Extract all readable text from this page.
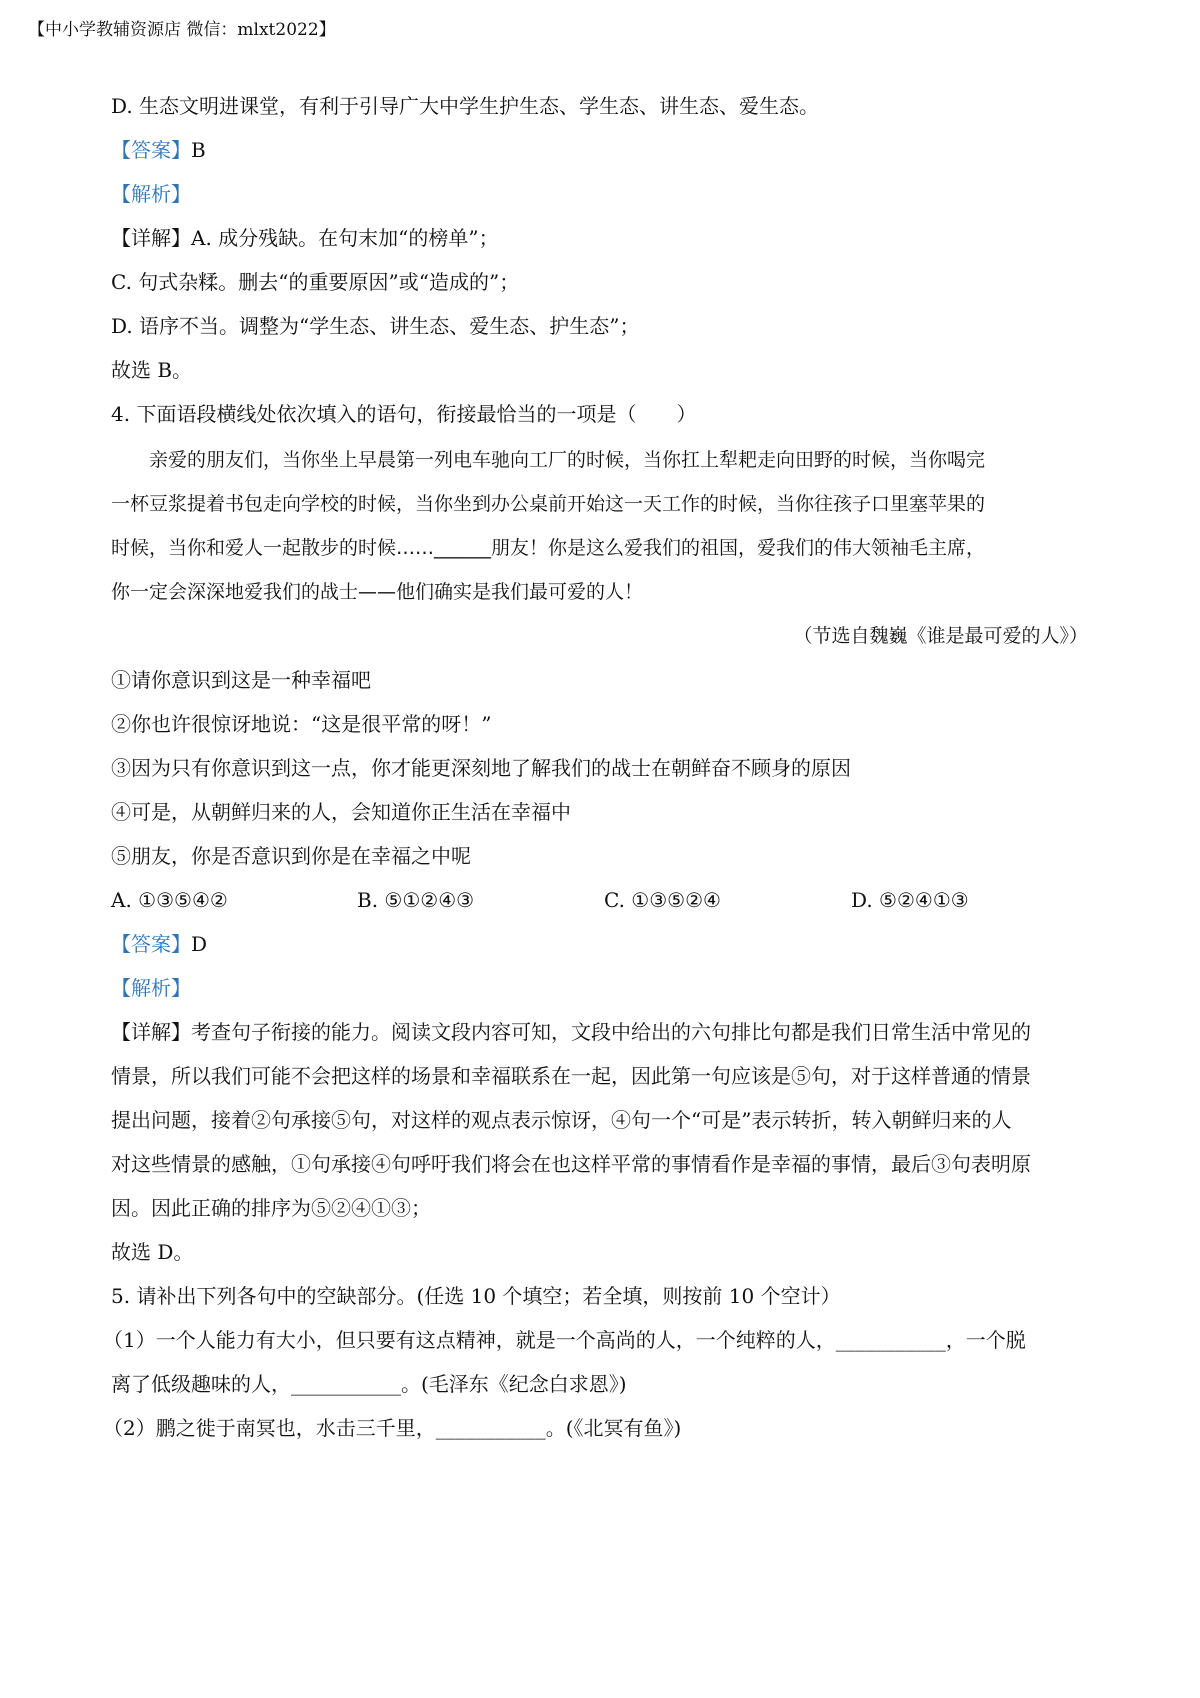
【中小学教辅资源店 微信：mlxt2022】
D. 生态文明进课堂，有利于引导广大中学生护生态、学生态、讲生态、爱生态。
【答案】B
【解析】
【详解】A. 成分残缺。在句末加“的榜单”；
C. 句式杂糅。删去“的重要原因”或“造成的”；
D. 语序不当。调整为“学生态、讲生态、爱生态、护生态”；
故选 B。
4. 下面语段横线处依次填入的语句，衔接最恰当的一项是（　　）
　　亲爱的朋友们，当你坐上早晨第一列电车驰向工厂的时候，当你扛上犁耙走向田野的时候，当你喝完
一杯豆浆提着书包走向学校的时候，当你坐到办公桌前开始这一天工作的时候，当你往孩子口里塞苹果的
时候，当你和爱人一起散步的时候……______朋友！你是这么爱我们的祖国，爱我们的伟大领袖毛主席，
你一定会深深地爱我们的战士——他们确实是我们最可爱的人！
（节选自魏巍《谁是最可爱的人》）
①请你意识到这是一种幸福吧
②你也许很惊讶地说：“这是很平常的呀！”
③因为只有你意识到这一点，你才能更深刻地了解我们的战士在朝鲜奋不顾身的原因
④可是，从朝鲜归来的人，会知道你正生活在幸福中
⑤朋友，你是否意识到你是在幸福之中呢
A. ①③⑤④②	B. ⑤①②④③	C. ①③⑤②④	D. ⑤②④①③
【答案】D
【解析】
【详解】考查句子衔接的能力。阅读文段内容可知，文段中给出的六句排比句都是我们日常生活中常见的
情景，所以我们可能不会把这样的场景和幸福联系在一起，因此第一句应该是⑤句，对于这样普通的情景
提出问题，接着②句承接⑤句，对这样的观点表示惊讶，④句一个“可是”表示转折，转入朝鲜归来的人
对这些情景的感触，①句承接④句呼吁我们将会在也这样平常的事情看作是幸福的事情，最后③句表明原
因。因此正确的排序为⑤②④①③；
故选 D。
5. 请补出下列各句中的空缺部分。(任选 10 个填空；若全填，则按前 10 个空计）
（1）一个人能力有大小，但只要有这点精神，就是一个高尚的人，一个纯粹的人，___________，一个脱
离了低级趣味的人，___________。(毛泽东《纪念白求恩》)
（2）鹏之徙于南冥也，水击三千里，___________。(《北冥有鱼》)
